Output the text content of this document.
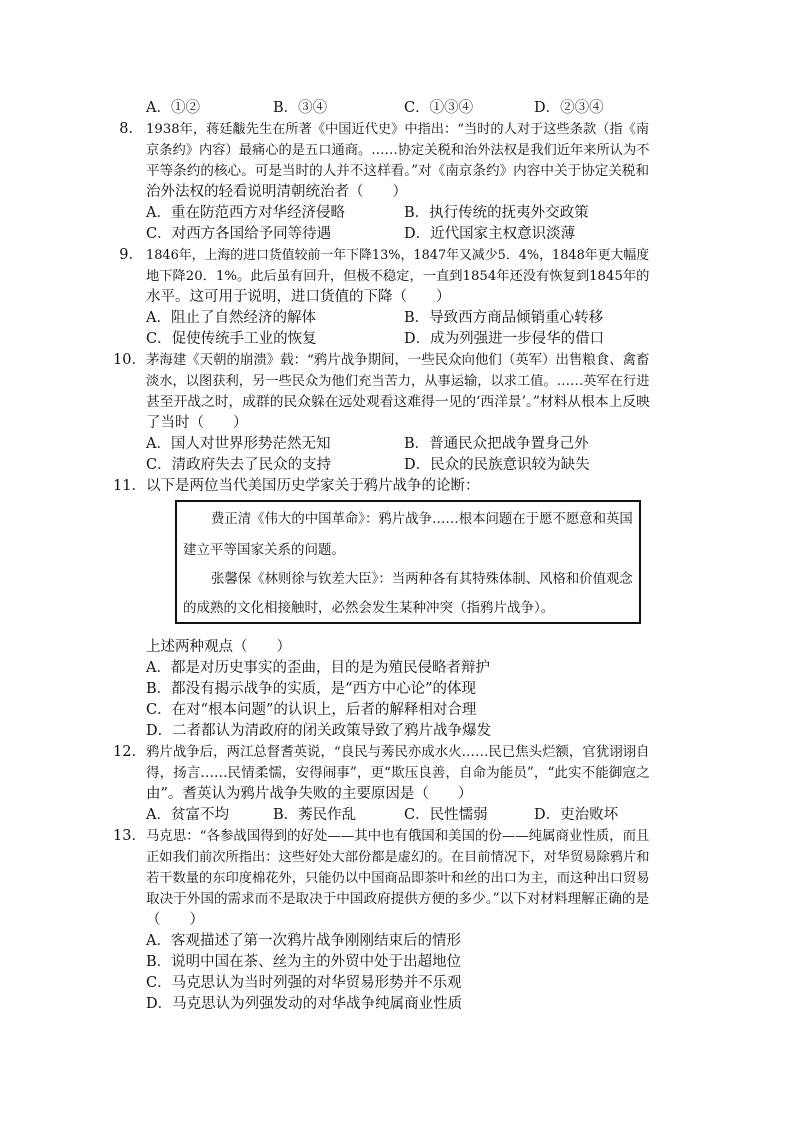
A．①②	B．③④	C．①③④	D．②③④
8． 1938年，蒋廷黻先生在所著《中国近代史》中指出：“当时的人对于这些条款（指《南
京条约》内容）最痛心的是五口通商。……协定关税和治外法权是我们近年来所认为不
平等条约的核心。可是当时的人并不这样看。”对《南京条约》内容中关于协定关税和
治外法权的轻看说明清朝统治者（　　）
A．重在防范西方对华经济侵略	B．执行传统的抚夷外交政策
C．对西方各国给予同等待遇	D．近代国家主权意识淡薄
9． 1846年，上海的进口货值较前一年下降13%，1847年又减少5．4%，1848年更大幅度
地下降20．1%。此后虽有回升，但极不稳定，一直到1854年还没有恢复到1845年的
水平。这可用于说明，进口货值的下降（　　）
A．阻止了自然经济的解体	B．导致西方商品倾销重心转移
C．促使传统手工业的恢复	D．成为列强进一步侵华的借口
10． 茅海建《天朝的崩溃》载：“鸦片战争期间，一些民众向他们（英军）出售粮食、禽畜
淡水，以图获利，另一些民众为他们充当苦力，从事运输，以求工值。……英军在行进
甚至开战之时，成群的民众躲在远处观看这难得一见的‘西洋景’。”材料从根本上反映
了当时（　　）
A．国人对世界形势茫然无知	B．普通民众把战争置身己外
C．清政府失去了民众的支持	D．民众的民族意识较为缺失
11． 以下是两位当代美国历史学家关于鸦片战争的论断：
费正清《伟大的中国革命》：鸦片战争……根本问题在于愿不愿意和英国
建立平等国家关系的问题。
张馨保《林则徐与钦差大臣》：当两种各有其特殊体制、风格和价值观念
的成熟的文化相接触时，必然会发生某种冲突（指鸦片战争）。
上述两种观点（　　）
A．都是对历史事实的歪曲，目的是为殖民侵略者辩护
B．都没有揭示战争的实质，是“西方中心论”的体现
C．在对“根本问题”的认识上，后者的解释相对合理
D．二者都认为清政府的闭关政策导致了鸦片战争爆发
12． 鸦片战争后，两江总督耆英说，“良民与莠民亦成水火……民已焦头烂额，官犹诩诩自
得，扬言……民情柔懦，安得闹事”，更“欺压良善，自命为能员”，“此实不能御寇之
由”。耆英认为鸦片战争失败的主要原因是（　　）
A．贫富不均	B．莠民作乱	C．民性懦弱	D．吏治败坏
13． 马克思：“各参战国得到的好处——其中也有俄国和美国的份——纯属商业性质，而且
正如我们前次所指出：这些好处大部份都是虚幻的。在目前情况下，对华贸易除鸦片和
若干数量的东印度棉花外，只能仍以中国商品即茶叶和丝的出口为主，而这种出口贸易
取决于外国的需求而不是取决于中国政府提供方便的多少。”以下对材料理解正确的是
（　　）
A．客观描述了第一次鸦片战争刚刚结束后的情形
B．说明中国在茶、丝为主的外贸中处于出超地位
C．马克思认为当时列强的对华贸易形势并不乐观
D．马克思认为列强发动的对华战争纯属商业性质
